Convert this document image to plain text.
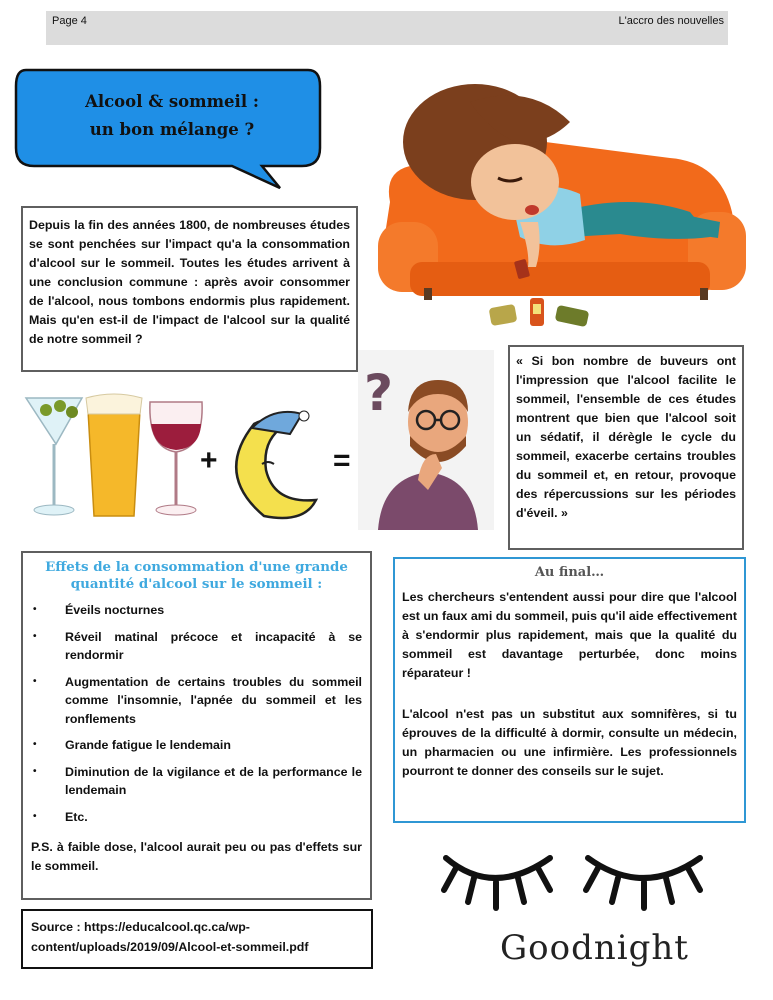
Page 4	L'accro des nouvelles
Alcool & sommeil :
un bon mélange ?
Depuis la fin des années 1800, de nombreuses études se sont penchées sur l'impact qu'a la consommation d'alcool sur le sommeil. Toutes les études arrivent à une conclusion commune : après avoir consommer de l'alcool, nous tombons endormis plus rapidement. Mais qu'en est-il de l'impact de l'alcool sur la qualité de notre sommeil ?
+	=
?
« Si bon nombre de buveurs ont l'impression que l'alcool facilite le sommeil, l'ensemble de ces études montrent que bien que l'alcool soit un sédatif, il dérègle le cycle du sommeil, exacerbe certains troubles du sommeil et, en retour, provoque des répercussions sur les périodes d'éveil. »
Effets de la consommation d'une grande
quantité d'alcool sur le sommeil :
• Éveils nocturnes
• Réveil matinal précoce et incapacité à se rendormir
• Augmentation de certains troubles du sommeil comme l'insomnie, l'apnée du sommeil et les ronflements
• Grande fatigue le lendemain
• Diminution de la vigilance et de la performance le lendemain
• Etc.
P.S. à faible dose, l'alcool aurait peu ou pas d'effets sur le sommeil.
Au final…

Les chercheurs s'entendent aussi pour dire que l'alcool est un faux ami du sommeil, puis qu'il aide effectivement à s'endormir plus rapidement, mais que la qualité du sommeil est davantage perturbée, donc moins réparateur !

L'alcool n'est pas un substitut aux somnifères, si tu éprouves de la difficulté à dormir, consulte un médecin, un pharmacien ou une infirmière. Les professionnels pourront te donner des conseils sur le sujet.

Source : https://educalcool.qc.ca/wp-
content/uploads/2019/09/Alcool-et-sommeil.pdf	Goodnight
